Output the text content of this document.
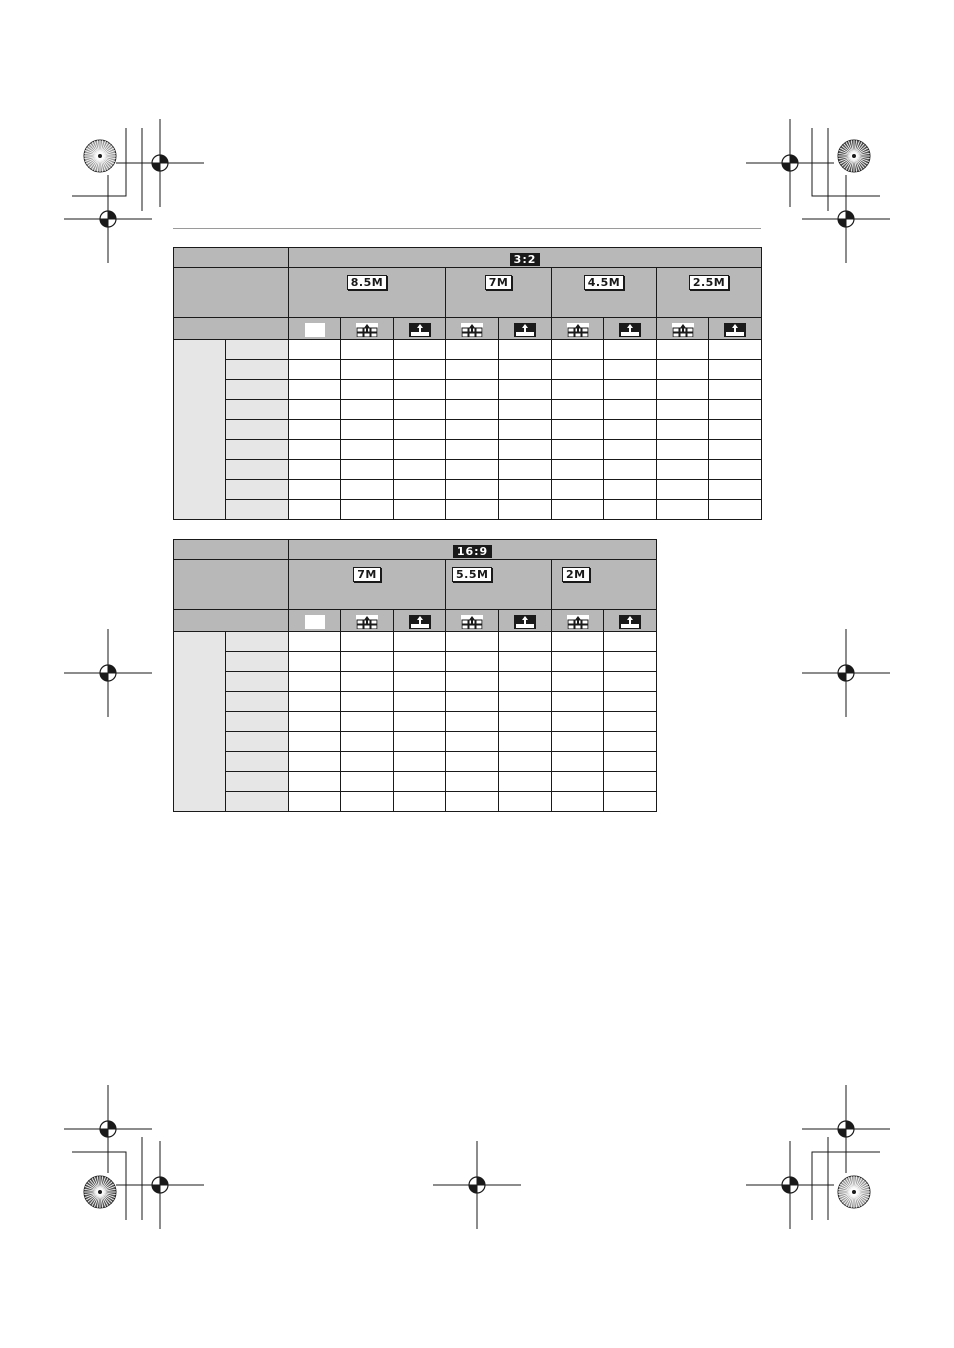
		3:2								

		8.5M			7M		4.5M		2.5M	

		16:9						

		7M			5.5M		2M	
